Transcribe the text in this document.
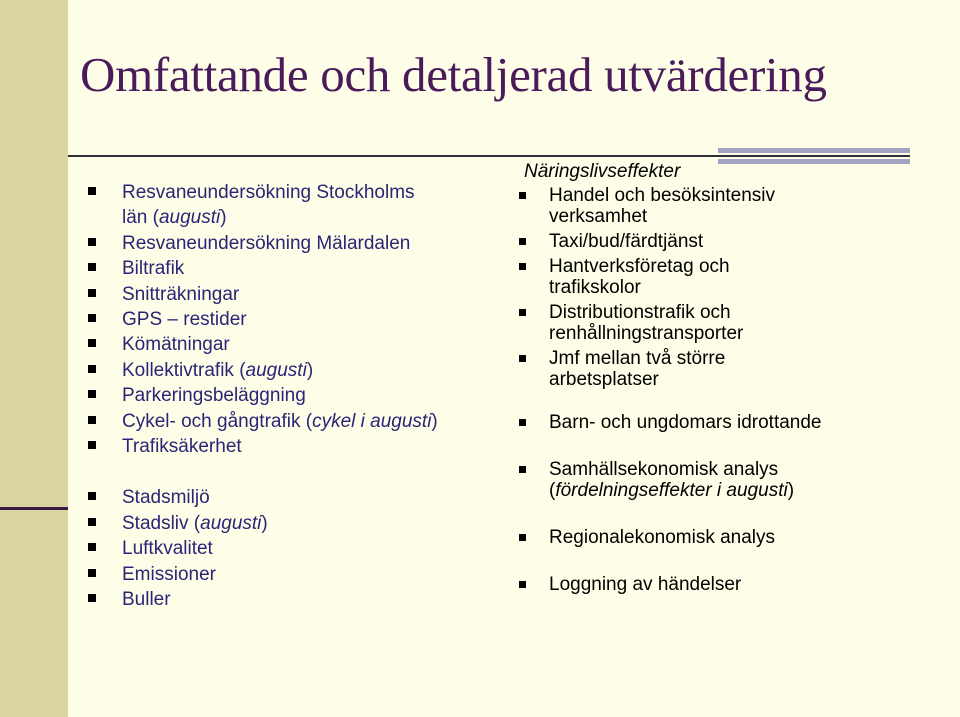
Omfattande och detaljerad utvärdering
Resvaneundersökning Stockholms
län (augusti)
Resvaneundersökning Mälardalen
Biltrafik
Snitträkningar
GPS – restider
Kömätningar
Kollektivtrafik (augusti)
Parkeringsbeläggning
Cykel- och gångtrafik (cykel i augusti)
Trafiksäkerhet
Stadsmiljö
Stadsliv (augusti)
Luftkvalitet
Emissioner
Buller
Näringslivseffekter
Handel och besöksintensiv
verksamhet
Taxi/bud/färdtjänst
Hantverksföretag och
trafikskolor
Distributionstrafik och
renhållningstransporter
Jmf mellan två större
arbetsplatser
Barn- och ungdomars idrottande
Samhällsekonomisk analys
(fördelningseffekter i augusti)
Regionalekonomisk analys
Loggning av händelser
